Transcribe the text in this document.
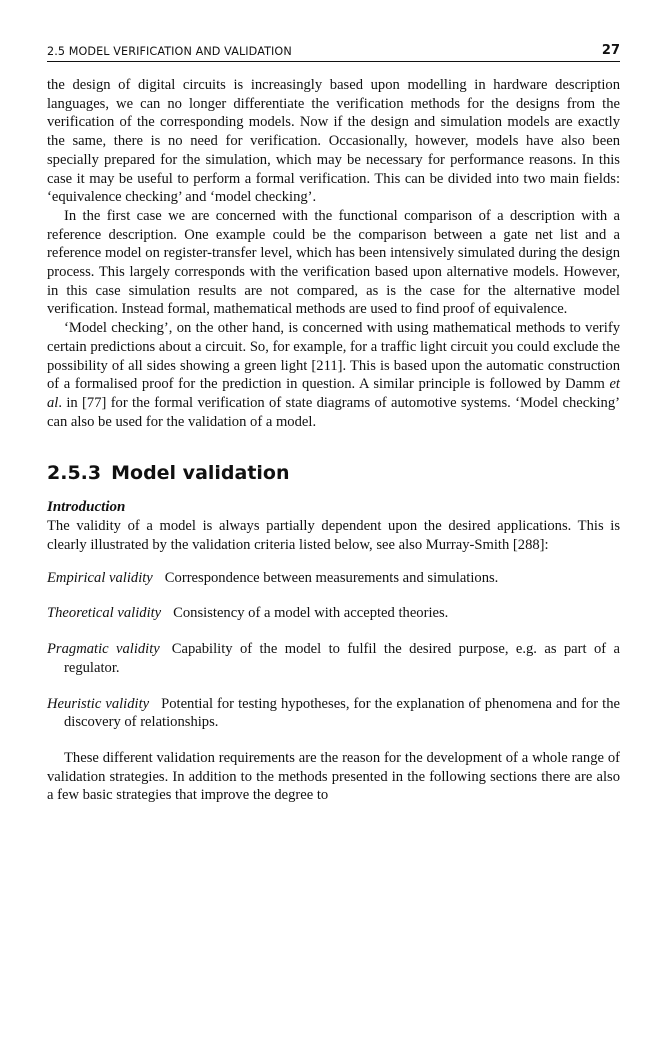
2.5 MODEL VERIFICATION AND VALIDATION	27

the design of digital circuits is increasingly based upon modelling in hardware description languages, we can no longer differentiate the verification methods for the designs from the verification of the corresponding models. Now if the design and simulation models are exactly the same, there is no need for verification. Occasionally, however, models have also been specially prepared for the simulation, which may be necessary for performance reasons. In this case it may be useful to perform a formal verification. This can be divided into two main fields: ‘equivalence checking’ and ‘model checking’.

In the first case we are concerned with the functional comparison of a description with a reference description. One example could be the comparison between a gate net list and a reference model on register-transfer level, which has been intensively simulated during the design process. This largely corresponds with the verification based upon alternative models. However, in this case simulation results are not compared, as is the case for the alternative model verification. Instead formal, mathematical methods are used to find proof of equivalence.

‘Model checking’, on the other hand, is concerned with using mathematical methods to verify certain predictions about a circuit. So, for example, for a traffic light circuit you could exclude the possibility of all sides showing a green light [211]. This is based upon the automatic construction of a formalised proof for the prediction in question. A similar principle is followed by Damm et al. in [77] for the formal verification of state diagrams of automotive systems. ‘Model checking’ can also be used for the validation of a model.

2.5.3 Model validation
Introduction

The validity of a model is always partially dependent upon the desired applications. This is clearly illustrated by the validation criteria listed below, see also Murray-Smith [288]:

Empirical validity Correspondence between measurements and simulations.
Theoretical validity Consistency of a model with accepted theories.
Pragmatic validity Capability of the model to fulfil the desired purpose, e.g. as part of a regulator.
Heuristic validity Potential for testing hypotheses, for the explanation of phenomena and for the discovery of relationships.

These different validation requirements are the reason for the development of a whole range of validation strategies. In addition to the methods presented in the following sections there are also a few basic strategies that improve the degree to
